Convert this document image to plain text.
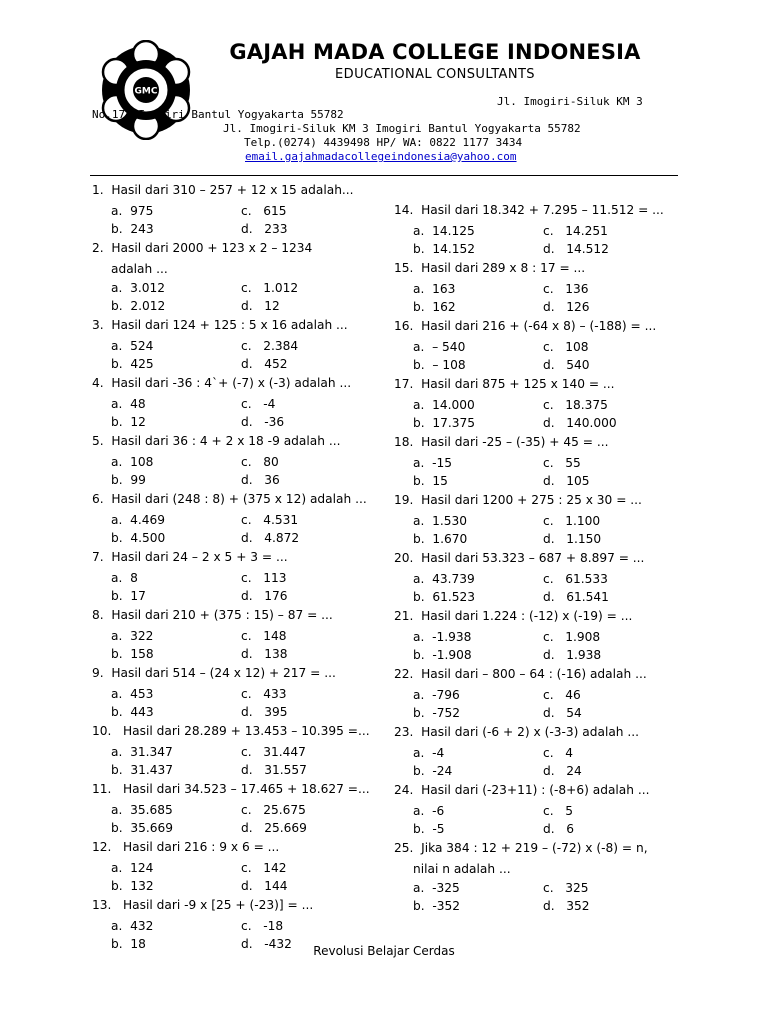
GMC
GAJAH MADA COLLEGE INDONESIA
EDUCATIONAL CONSULTANTS
Jl. Imogiri-Siluk KM 3
No.17A Imogiri Bantul Yogyakarta 55782
Jl. Imogiri-Siluk KM 3 Imogiri Bantul Yogyakarta 55782
Telp.(0274) 4439498 HP/ WA: 0822 1177 3434
email.gajahmadacollegeindonesia@yahoo.com
1.
Hasil dari 310 – 257 + 12 x 15 adalah...
a.  975	c.   615
b.  243	d.   233
2.
Hasil dari 2000 + 123 x 2 – 1234
adalah ...
a.  3.012	c.   1.012
b.  2.012	d.   12
3.
Hasil dari 124 + 125 : 5 x 16 adalah ...
a.  524	c.   2.384
b.  425	d.   452
4.
Hasil dari -36 : 4`+ (-7) x (-3) adalah ...
a.  48	c.   -4
b.  12	d.   -36
5.
Hasil dari 36 : 4 + 2 x 18 -9 adalah ...
a.  108	c.   80
b.  99	d.   36
6.
Hasil dari (248 : 8) + (375 x 12) adalah ...
a.  4.469	c.   4.531
b.  4.500	d.   4.872
7.
Hasil dari 24 – 2 x 5 + 3 = ...
a.  8	c.   113
b.  17	d.   176
8.
Hasil dari 210 + (375 : 15) – 87 = ...
a.  322	c.   148
b.  158	d.   138
9.
Hasil dari 514 – (24 x 12) + 217 = ...
a.  453	c.   433
b.  443	d.   395
10.
Hasil dari 28.289 + 13.453 – 10.395 =...
a.  31.347	c.   31.447
b.  31.437	d.   31.557
11.
Hasil dari 34.523 – 17.465 + 18.627 =...
a.  35.685	c.   25.675
b.  35.669	d.   25.669
12.
Hasil dari 216 : 9 x 6 = ...
a.  124	c.   142
b.  132	d.   144
13.
Hasil dari -9 x [25 + (-23)] = ...
a.  432	c.   -18
b.  18	d.   -432
14.
Hasil dari 18.342 + 7.295 – 11.512 = ...
a.  14.125	c.   14.251
b.  14.152	d.   14.512
15.
Hasil dari 289 x 8 : 17 = ...
a.  163	c.   136
b.  162	d.   126
16.
Hasil dari 216 + (-64 x 8) – (-188) = ...
a.  – 540	c.   108
b.  – 108	d.   540
17.
Hasil dari 875 + 125 x 140 = ...
a.  14.000	c.   18.375
b.  17.375	d.   140.000
18.
Hasil dari -25 – (-35) + 45 = ...
a.  -15	c.   55
b.  15	d.   105
19.
Hasil dari 1200 + 275 : 25 x 30 = ...
a.  1.530	c.   1.100
b.  1.670	d.   1.150
20.
Hasil dari 53.323 – 687 + 8.897 = ...
a.  43.739	c.   61.533
b.  61.523	d.   61.541
21.
Hasil dari 1.224 : (-12) x (-19) = ...
a.  -1.938	c.   1.908
b.  -1.908	d.   1.938
22.
Hasil dari – 800 – 64 : (-16) adalah ...
a.  -796	c.   46
b.  -752	d.   54
23.
Hasil dari (-6 + 2) x (-3-3) adalah ...
a.  -4	c.   4
b.  -24	d.   24
24.
Hasil dari (-23+11) : (-8+6) adalah ...
a.  -6	c.   5
b.  -5	d.   6
25.
Jika 384 : 12 + 219 – (-72) x (-8) = n,
nilai n adalah ...
a.  -325	c.   325
b.  -352	d.   352
Revolusi Belajar Cerdas
